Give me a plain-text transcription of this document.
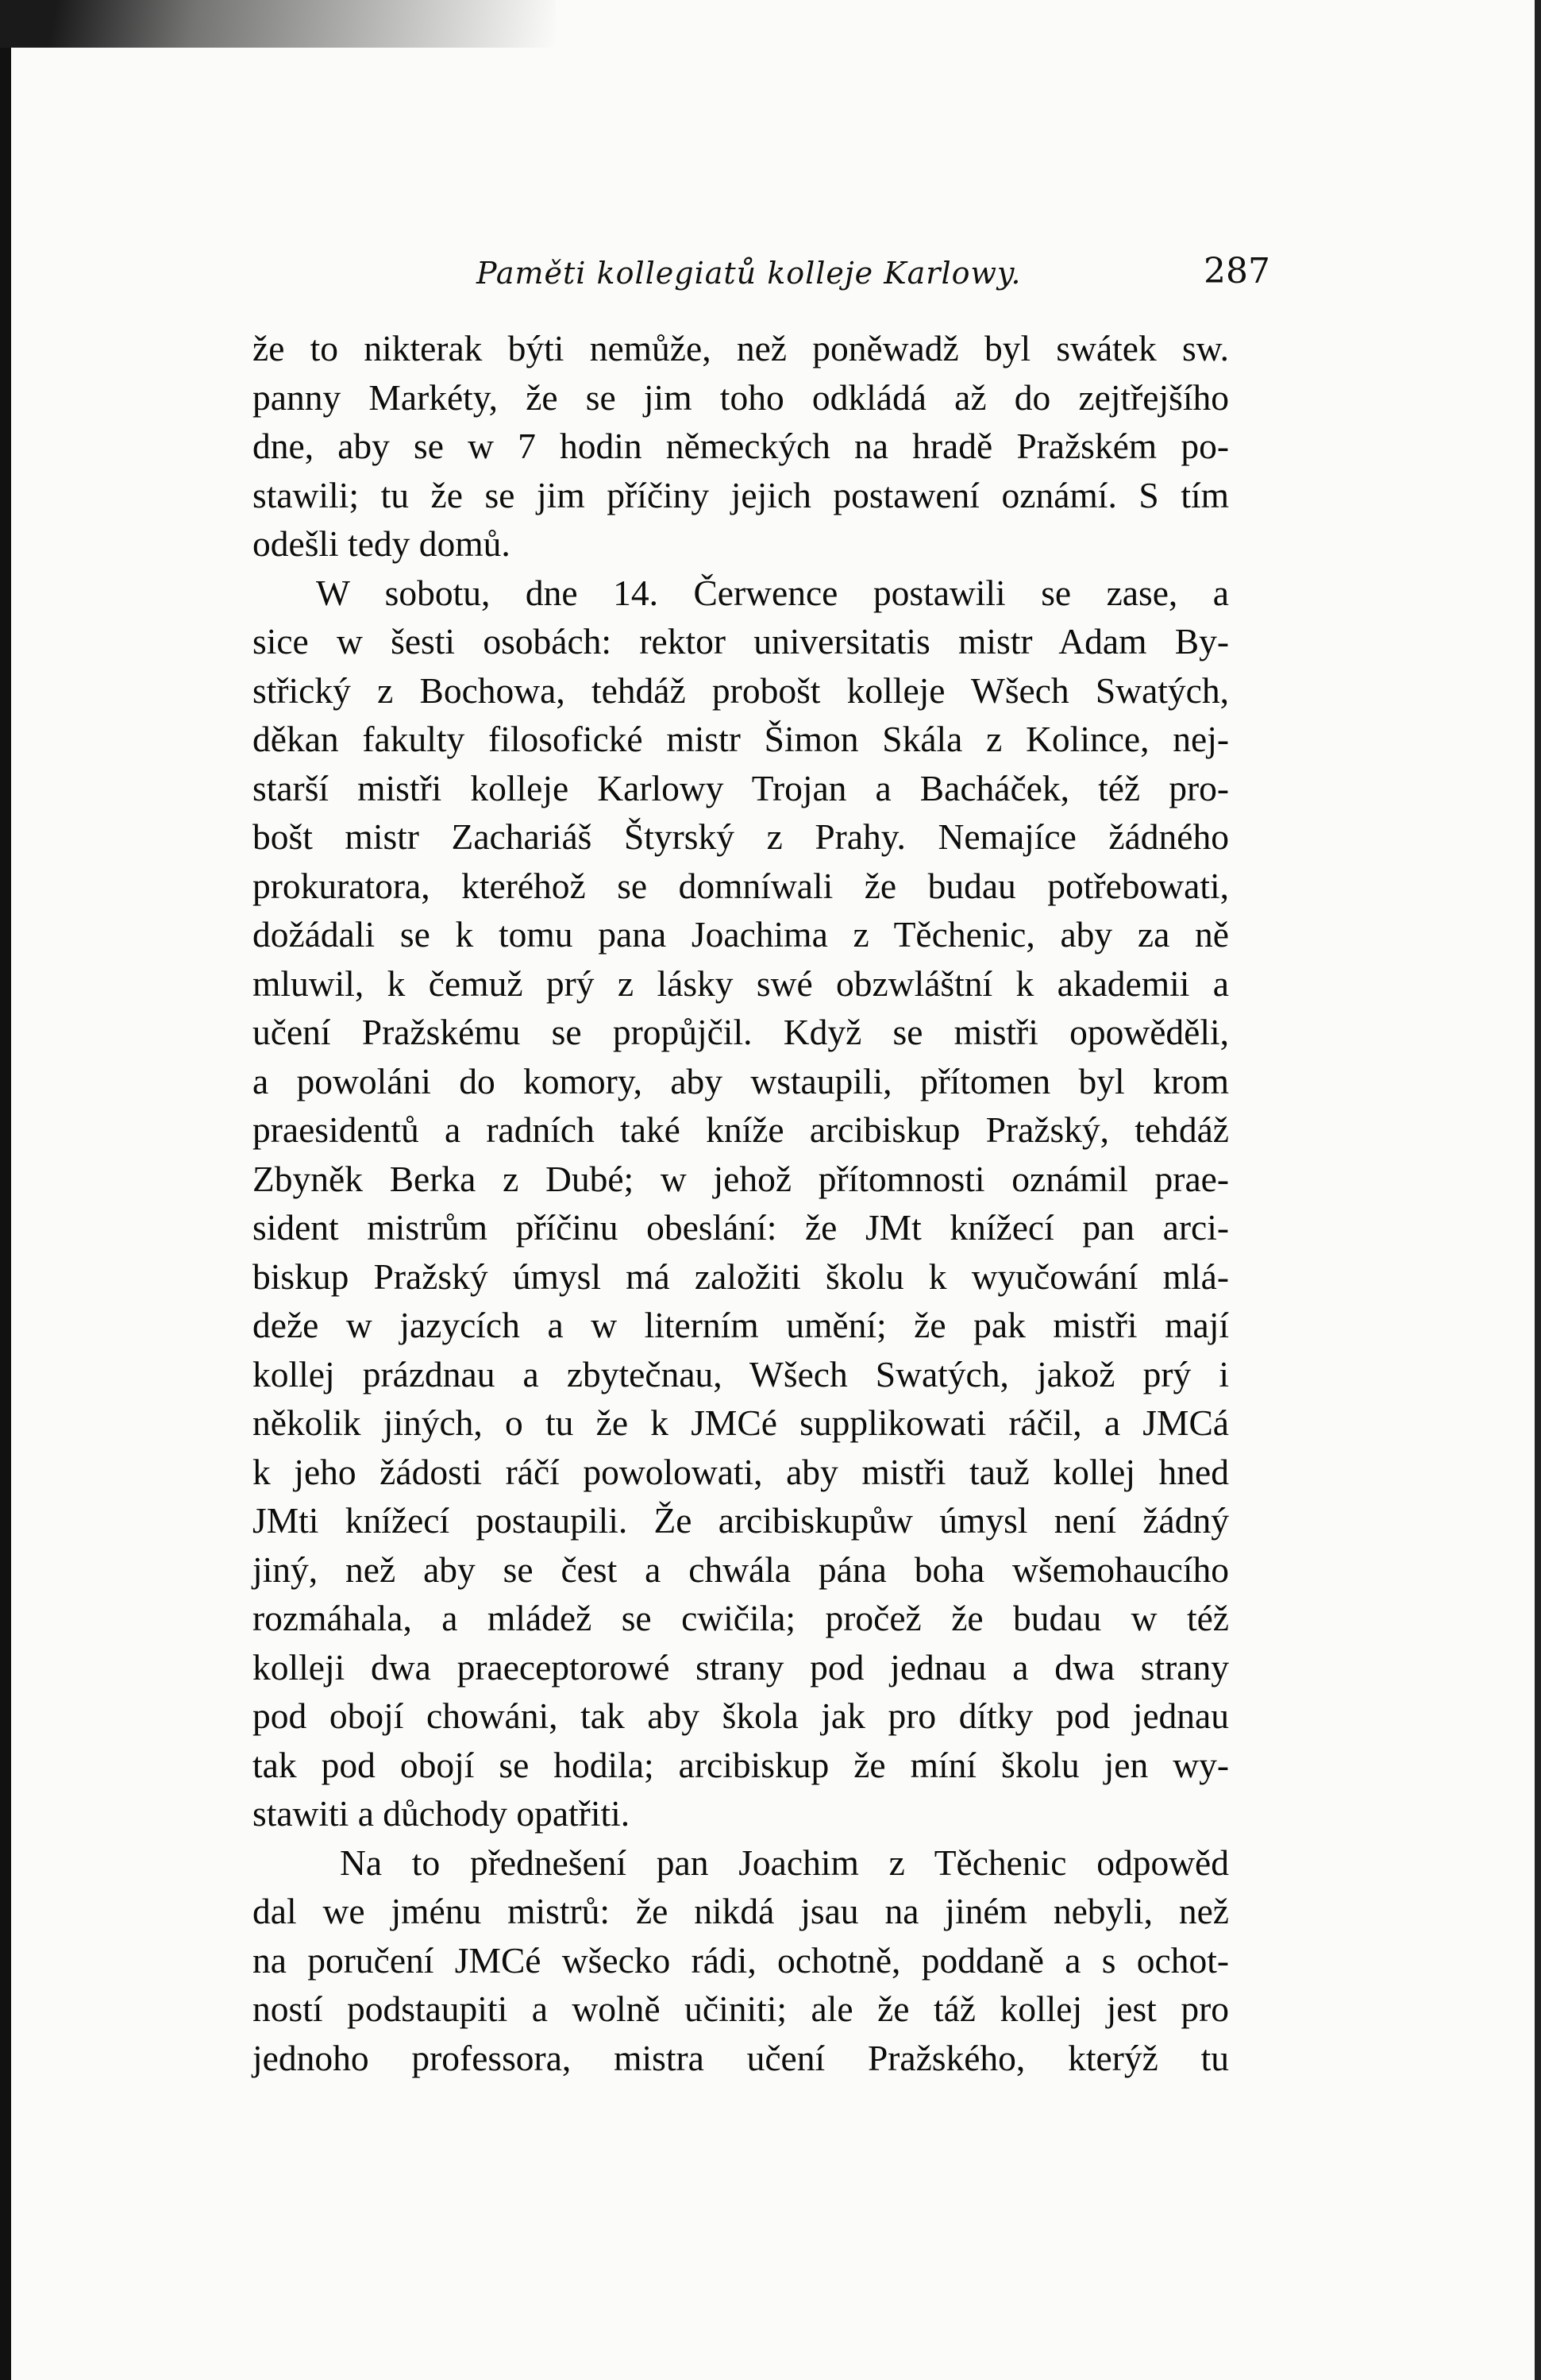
Paměti kollegiatů kolleje Karlowy.	287
že to nikterak býti nemůže, než poněwadž byl swátek sw.
panny Markéty, že se jim toho odkládá až do zejtřejšího
dne, aby se w 7 hodin německých na hradě Pražském po-
stawili; tu že se jim příčiny jejich postawení oznámí. S tím
odešli tedy domů.
W sobotu, dne 14. Čerwence postawili se zase, a
sice w šesti osobách: rektor universitatis mistr Adam By-
střický z Bochowa, tehdáž probošt kolleje Wšech Swatých,
děkan fakulty filosofické mistr Šimon Skála z Kolince, nej-
starší mistři kolleje Karlowy Trojan a Bacháček, též pro-
bošt mistr Zachariáš Štyrský z Prahy. Nemajíce žádného
prokuratora, kteréhož se domníwali že budau potřebowati,
dožádali se k tomu pana Joachima z Těchenic, aby za ně
mluwil, k čemuž prý z lásky swé obzwláštní k akademii a
učení Pražskému se propůjčil. Když se mistři opowěděli,
a powoláni do komory, aby wstaupili, přítomen byl krom
praesidentů a radních také kníže arcibiskup Pražský, tehdáž
Zbyněk Berka z Dubé; w jehož přítomnosti oznámil prae-
sident mistrům příčinu obeslání: že JMt knížecí pan arci-
biskup Pražský úmysl má založiti školu k wyučowání mlá-
deže w jazycích a w literním umění; že pak mistři mají
kollej prázdnau a zbytečnau, Wšech Swatých, jakož prý i
několik jiných, o tu že k JMCé supplikowati ráčil, a JMCá
k jeho žádosti ráčí powolowati, aby mistři tauž kollej hned
JMti knížecí postaupili. Že arcibiskupůw úmysl není žádný
jiný, než aby se čest a chwála pána boha wšemohaucího
rozmáhala, a mládež se cwičila; pročež že budau w též
kolleji dwa praeceptorowé strany pod jednau a dwa strany
pod obojí chowáni, tak aby škola jak pro dítky pod jednau
tak pod obojí se hodila; arcibiskup že míní školu jen wy-
stawiti a důchody opatřiti.
Na to přednešení pan Joachim z Těchenic odpowěd
dal we jménu mistrů: že nikdá jsau na jiném nebyli, než
na poručení JMCé wšecko rádi, ochotně, poddaně a s ochot-
ností podstaupiti a wolně učiniti; ale že táž kollej jest pro
jednoho professora, mistra učení Pražského, kterýž tu
